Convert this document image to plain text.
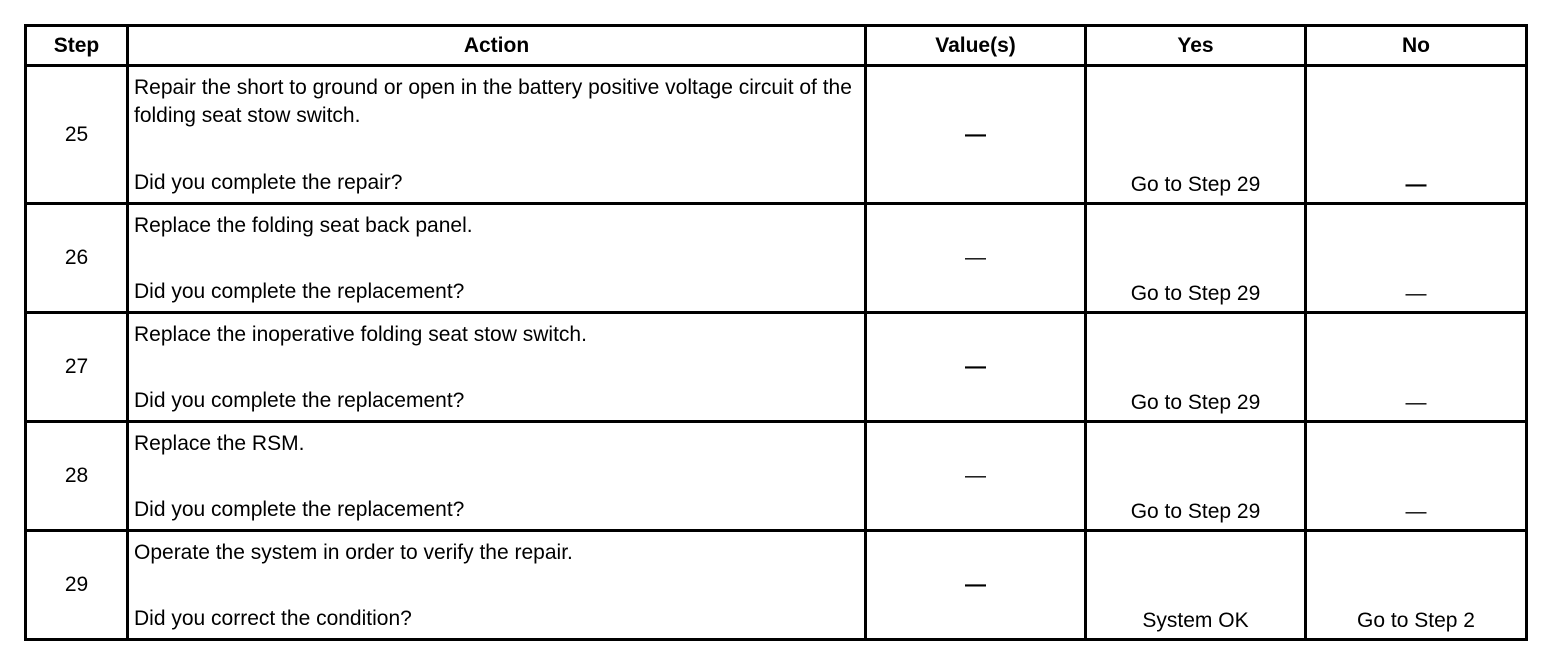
Step	Action	Value(s)	Yes	No
25	Repair the short to ground or open in the battery positive voltage circuit of the folding seat stow switch.
Did you complete the repair?	—	Go to Step 29	—

26	Replace the folding seat back panel.
Did you complete the replacement?	—	Go to Step 29	—

27	Replace the inoperative folding seat stow switch.
Did you complete the replacement?	—	Go to Step 29	—

28	Replace the RSM.
Did you complete the replacement?	—	Go to Step 29	—

29	Operate the system in order to verify the repair.
Did you correct the condition?	—	System OK	Go to Step 2
